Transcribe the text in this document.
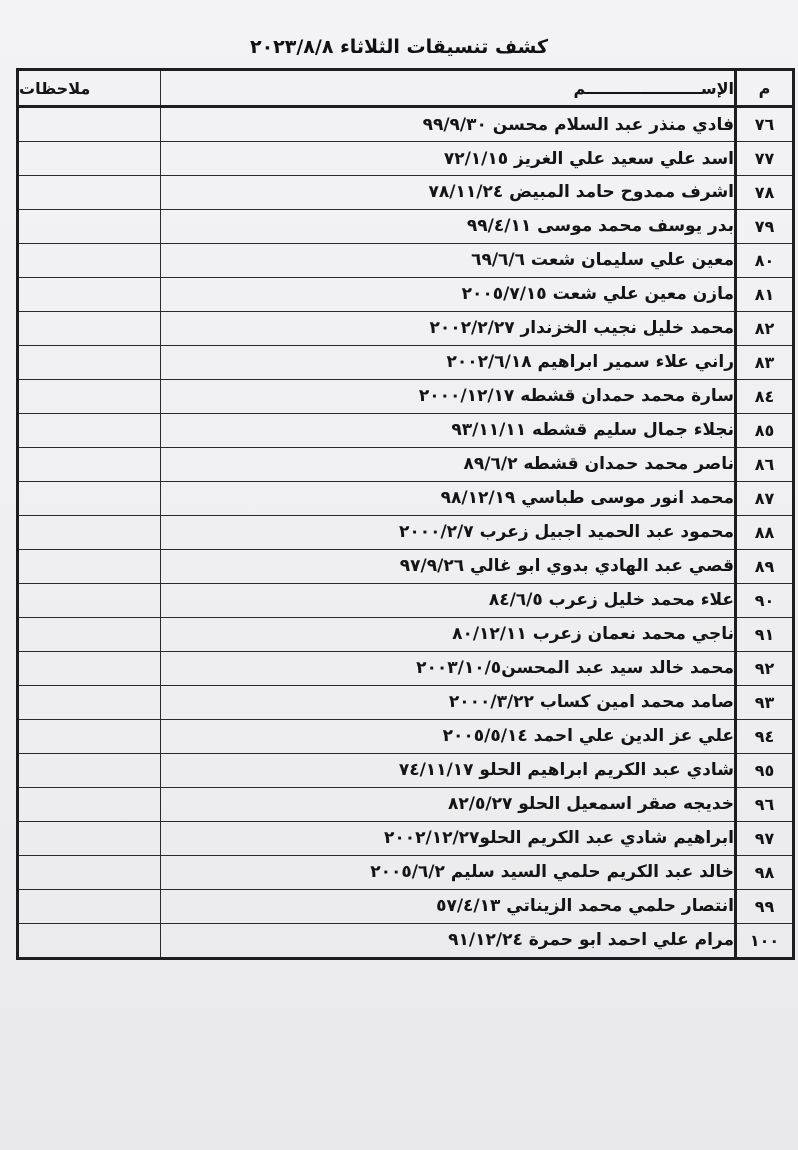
كشف تنسيقات الثلاثاء ٢٠٢٣/٨/٨
م	الإســـــــــــــــــــــم	ملاحظات
٧٦	فادي منذر عبد السلام محسن ٩٩/٩/٣٠	
٧٧	اسد علي سعيد علي الغريز ٧٢/١/١٥	
٧٨	اشرف ممدوح حامد المبيض ٧٨/١١/٢٤	
٧٩	بدر يوسف محمد موسى ٩٩/٤/١١	
٨٠	معين علي سليمان شعت ٦٩/٦/٦	
٨١	مازن معين علي شعت ٢٠٠٥/٧/١٥	
٨٢	محمد خليل نجيب الخزندار ٢٠٠٢/٢/٢٧	
٨٣	راني علاء سمير ابراهيم ٢٠٠٢/٦/١٨	
٨٤	سارة محمد حمدان قشطه ٢٠٠٠/١٢/١٧	
٨٥	نجلاء جمال سليم قشطه ٩٣/١١/١١	
٨٦	ناصر محمد حمدان قشطه ٨٩/٦/٢	
٨٧	محمد انور موسى طباسي ٩٨/١٢/١٩	
٨٨	محمود عبد الحميد اجبيل زعرب ٢٠٠٠/٢/٧	
٨٩	قصي عبد الهادي بدوي ابو غالي ٩٧/٩/٢٦	
٩٠	علاء محمد خليل زعرب ٨٤/٦/٥	
٩١	ناجي محمد نعمان زعرب ٨٠/١٢/١١	
٩٢	محمد خالد سيد عبد المحسن٢٠٠٣/١٠/٥	
٩٣	صامد محمد امين كساب ٢٠٠٠/٣/٢٢	
٩٤	علي عز الدين علي احمد ٢٠٠٥/٥/١٤	
٩٥	شادي عبد الكريم ابراهيم الحلو ٧٤/١١/١٧	
٩٦	خديجه صقر اسمعيل الحلو ٨٢/٥/٢٧	
٩٧	ابراهيم شادي عبد الكريم الحلو٢٠٠٢/١٢/٢٧	
٩٨	خالد عبد الكريم حلمي السيد سليم ٢٠٠٥/٦/٢	
٩٩	انتصار حلمي محمد الزيناتي ٥٧/٤/١٣	
١٠٠	مرام علي احمد ابو حمرة ٩١/١٢/٢٤	
